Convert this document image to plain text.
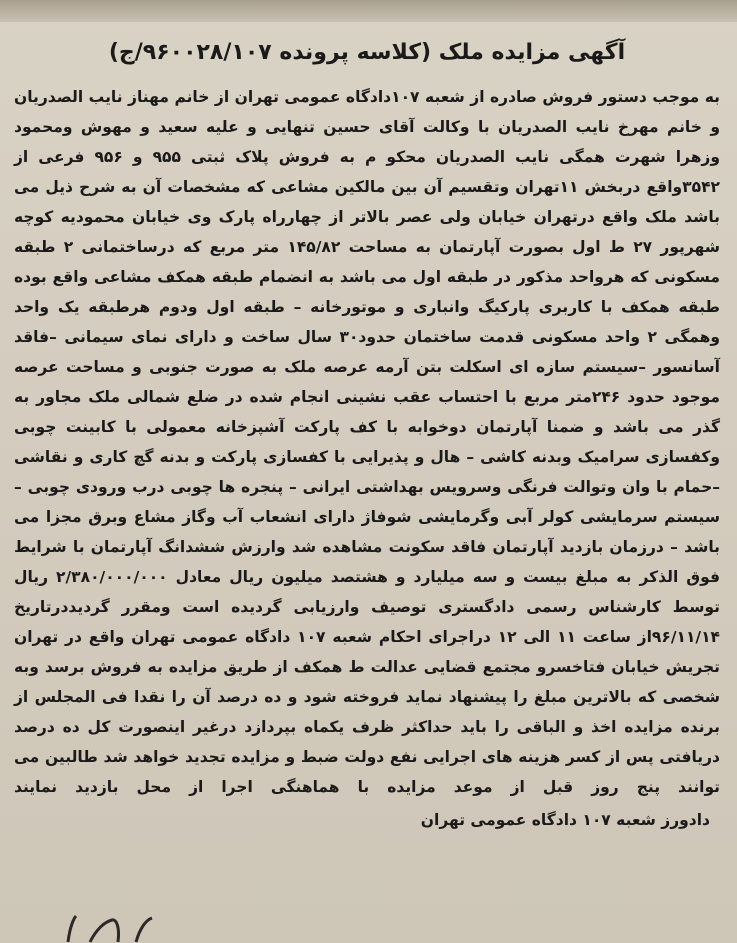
آگهی مزایده ملک (کلاسه پرونده ۹۶۰۰۲۸/۱۰۷/ج)

به موجب دستور فروش صادره از شعبه ۱۰۷دادگاه عمومی تهران از خانم مهناز نایب الصدریان و خانم مهرخ نایب الصدریان با وکالت آقای حسین تنهایی و علیه سعید و مهوش ومحمود وزهرا شهرت همگی نایب الصدریان محکو م به فروش پلاک ثبتی ۹۵۵ و ۹۵۶ فرعی از ۳۵۴۲واقع دربخش ۱۱تهران وتقسیم آن بین مالکین مشاعی که مشخصات آن به شرح ذیل می باشد ملک واقع درتهران خیابان ولی عصر بالاتر از چهارراه پارک وی خیابان محمودیه کوچه شهرپور ۲۷ ط اول بصورت آپارتمان به مساحت ۱۴۵/۸۲ متر مربع که درساختمانی ۲ طبقه مسکونی که هرواحد مذکور در طبقه اول می باشد به انضمام طبقه همکف مشاعی واقع بوده طبقه همکف با کاربری پارکیگ وانباری و موتورخانه – طبقه اول ودوم هرطبقه یک واحد وهمگی ۲ واحد مسکونی قدمت ساختمان حدود۳۰ سال ساخت و دارای نمای سیمانی –فاقد آسانسور –سیستم سازه ای اسکلت بتن آرمه عرصه ملک به صورت جنوبی و مساحت عرصه موجود حدود ۲۴۶متر مربع با احتساب عقب نشینی انجام شده در ضلع شمالی ملک مجاور به گذر می باشد و ضمنا آپارتمان دوخوابه با کف پارکت آشپزخانه معمولی با کابینت چوبی وکفسازی سرامیک وبدنه کاشی – هال و پذیرایی با کفسازی پارکت و بدنه گچ کاری و نقاشی –حمام با وان وتوالت فرنگی وسرویس بهداشتی ایرانی – پنجره ها چوبی درب ورودی چوبی –سیستم سرمایشی کولر آبی وگرمایشی شوفاژ دارای انشعاب آب وگاز مشاع وبرق مجزا می باشد – درزمان بازدید آپارتمان فاقد سکونت مشاهده شد وارزش ششدانگ آپارتمان با شرایط فوق الذکر به مبلغ بیست و سه میلیارد و هشتصد میلیون ریال معادل ۲/۳۸۰/۰۰۰/۰۰۰ ریال توسط کارشناس رسمی دادگستری توصیف وارزیابی گردیده است ومقرر گردیددرتاریخ ۹۶/۱۱/۱۴از ساعت ۱۱ الی ۱۲ دراجرای احکام شعبه ۱۰۷ دادگاه عمومی تهران واقع در تهران تجریش خیابان فتاخسرو مجتمع قضایی عدالت ط همکف از طریق مزایده به فروش برسد وبه شخصی که بالاترین مبلغ را پیشنهاد نماید فروخته شود و ده درصد آن را نقدا فی المجلس از برنده مزایده اخذ و الباقی را باید حداکثر ظرف یکماه بپردازد درغیر اینصورت کل ده درصد دریافتی پس از کسر هزینه های اجرایی نفع دولت ضبط و مزایده تجدید خواهد شد طالبین می توانند پنج روز قبل از موعد مزایده با هماهنگی اجرا از محل بازدید نمایند

دادورز شعبه ۱۰۷ دادگاه عمومی تهران
